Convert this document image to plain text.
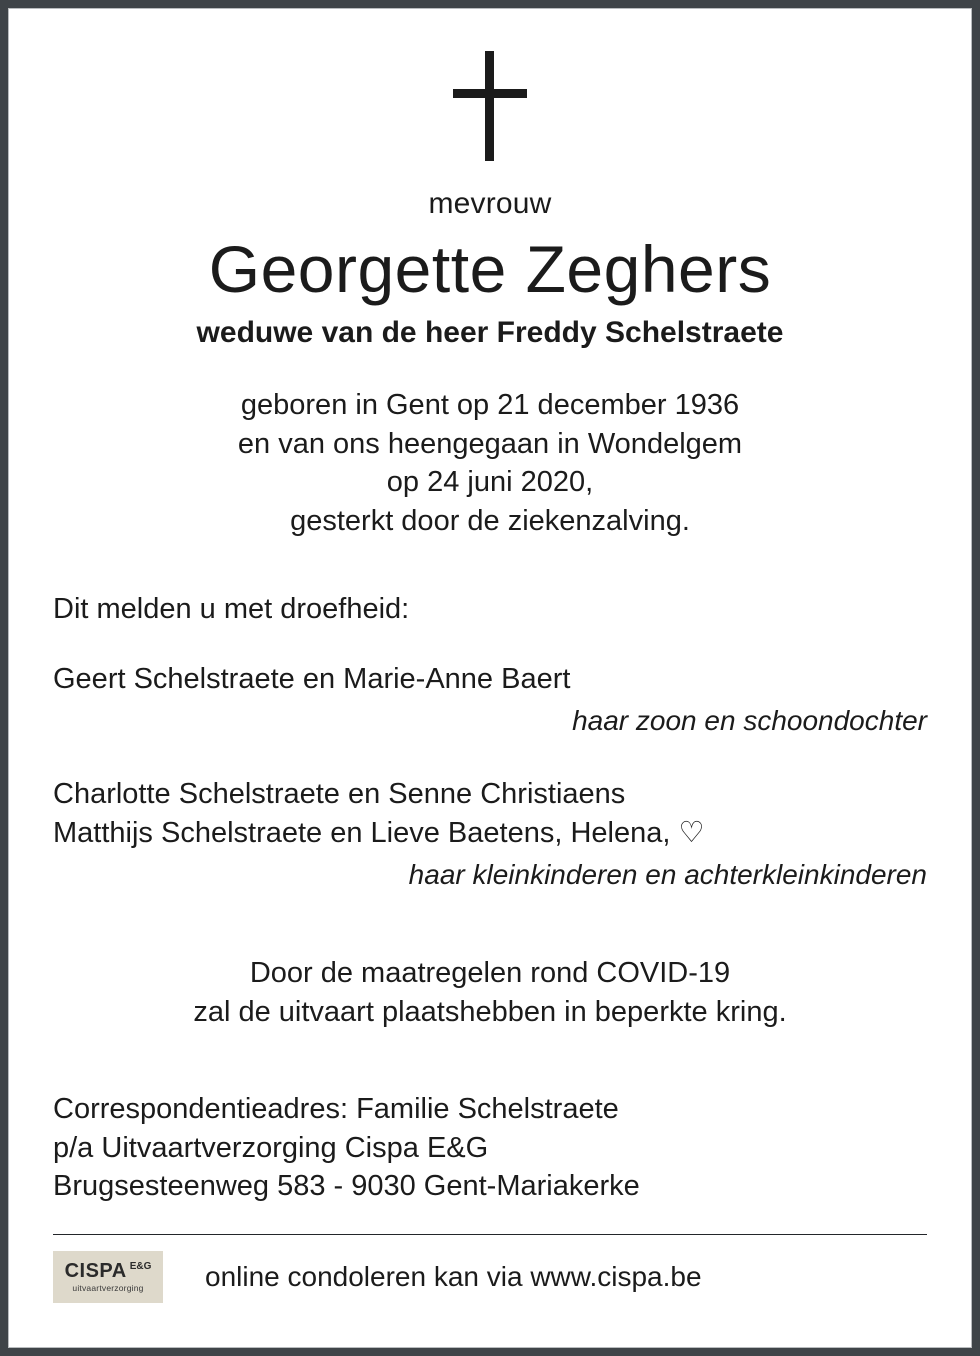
mevrouw
Georgette Zeghers
weduwe van de heer Freddy Schelstraete
geboren in Gent op 21 december 1936
en van ons heengegaan in Wondelgem
op 24 juni 2020,
gesterkt door de ziekenzalving.
Dit melden u met droefheid:
Geert Schelstraete en Marie-Anne Baert
haar zoon en schoondochter
Charlotte Schelstraete en Senne Christiaens
Matthijs Schelstraete en Lieve Baetens, Helena, ♡
haar kleinkinderen en achterkleinkinderen
Door de maatregelen rond COVID-19
zal de uitvaart plaatshebben in beperkte kring.
Correspondentieadres: Familie Schelstraete
p/a Uitvaartverzorging Cispa E&G
Brugsesteenweg 583 - 9030 Gent-Mariakerke
CISPA E&G
uitvaartverzorging online condoleren kan via www.cispa.be
